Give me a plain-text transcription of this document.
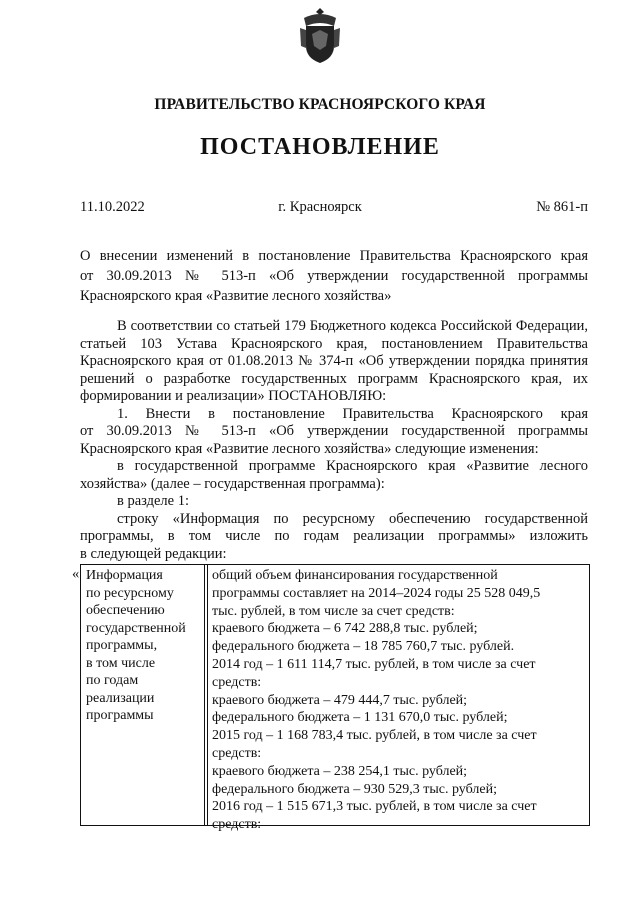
ПРАВИТЕЛЬСТВО КРАСНОЯРСКОГО КРАЯ
ПОСТАНОВЛЕНИЕ
11.10.2022	г. Красноярск	№ 861-п
О внесении изменений в постановление Правительства Красноярского края
от 30.09.2013 № 513-п «Об утверждении государственной программы
Красноярского края «Развитие лесного хозяйства»
В соответствии со статьей 179 Бюджетного кодекса Российской Федерации,
статьей 103 Устава Красноярского края, постановлением Правительства
Красноярского края от 01.08.2013 № 374-п «Об утверждении порядка принятия
решений о разработке государственных программ Красноярского края, их
формировании и реализации» ПОСТАНОВЛЯЮ:
1. Внести в постановление Правительства Красноярского края
от 30.09.2013 № 513-п «Об утверждении государственной программы
Красноярского края «Развитие лесного хозяйства» следующие изменения:
в государственной программе Красноярского края «Развитие лесного
хозяйства» (далее – государственная программа):
в разделе 1:
строку «Информация по ресурсному обеспечению государственной
программы, в том числе по годам реализации программы» изложить
в следующей редакции:
« Информация
по ресурсному
обеспечению
государственной
программы,
в том числе
по годам
реализации
программы
общий объем финансирования государственной
программы составляет на 2014–2024 годы 25 528 049,5
тыс. рублей, в том числе за счет средств:
краевого бюджета – 6 742 288,8 тыс. рублей;
федерального бюджета – 18 785 760,7 тыс. рублей.
2014 год – 1 611 114,7 тыс. рублей, в том числе за счет
средств:
краевого бюджета – 479 444,7 тыс. рублей;
федерального бюджета – 1 131 670,0 тыс. рублей;
2015 год – 1 168 783,4 тыс. рублей, в том числе за счет
средств:
краевого бюджета – 238 254,1 тыс. рублей;
федерального бюджета – 930 529,3 тыс. рублей;
2016 год – 1 515 671,3 тыс. рублей, в том числе за счет
средств:
